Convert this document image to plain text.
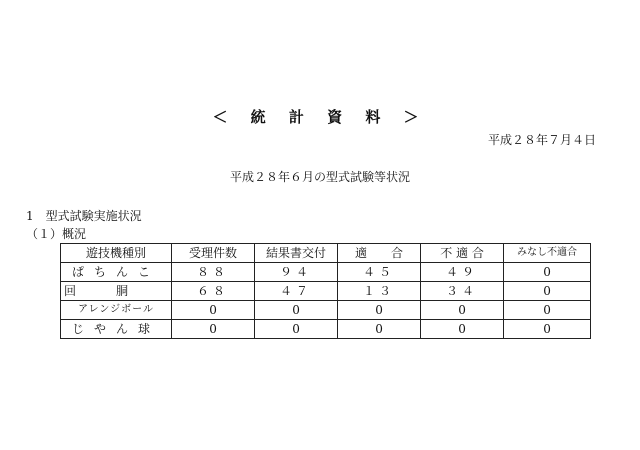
＜ 統 計 資 料 ＞
平成２８年７月４日
平成２８年６月の型式試験等状況
1　型式試験実施状況
（１）概況
遊技機種別	受理件数	結果書交付	適　　合	不 適 合	みなし不適合
ぱちんこ	８８	９４	４５	４９	0
回胴	６８	４７	１３	３４	0
アレンジボール	0	0	0	0	0
じやん球	0	0	0	0	0
